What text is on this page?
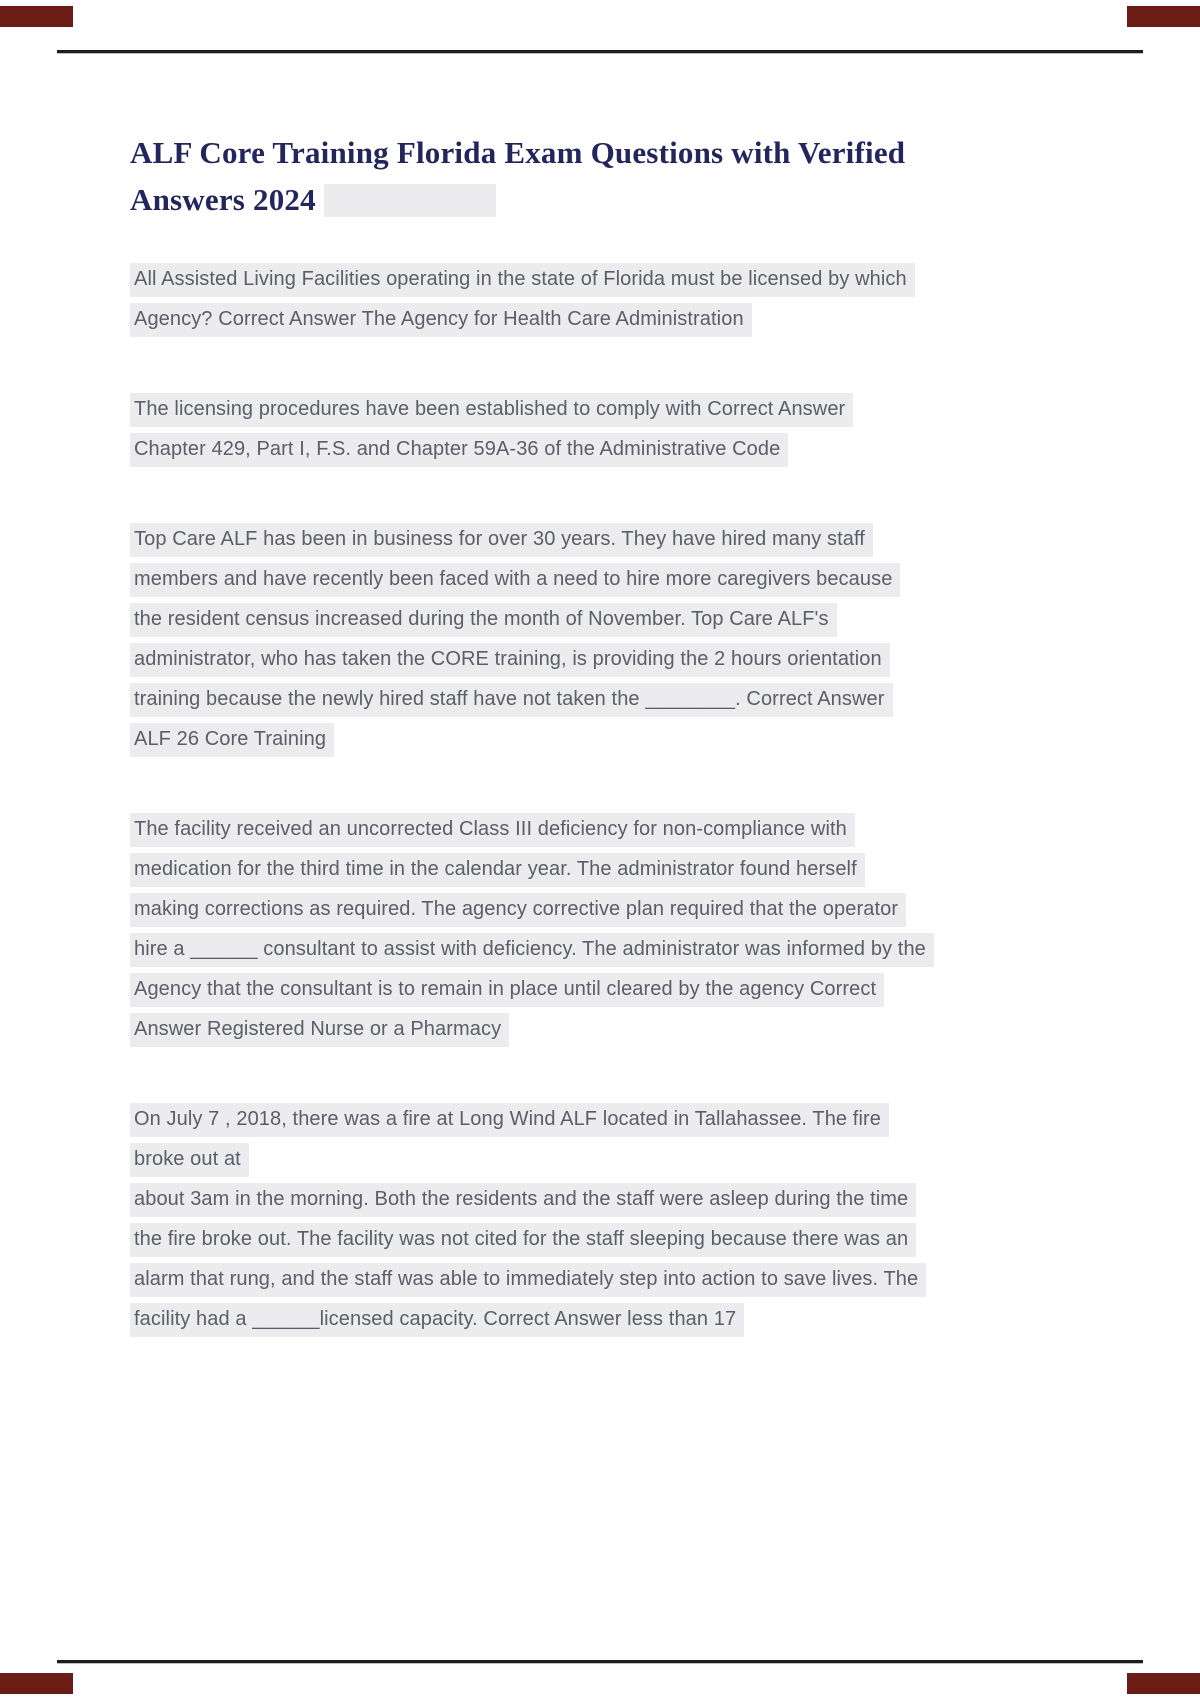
ALF Core Training Florida Exam Questions with Verified
Answers 2024
All Assisted Living Facilities operating in the state of Florida must be licensed by which
Agency? Correct Answer The Agency for Health Care Administration
The licensing procedures have been established to comply with Correct Answer
Chapter 429, Part I, F.S. and Chapter 59A-36 of the Administrative Code
Top Care ALF has been in business for over 30 years. They have hired many staff
members and have recently been faced with a need to hire more caregivers because
the resident census increased during the month of November. Top Care ALF's
administrator, who has taken the CORE training, is providing the 2 hours orientation
training because the newly hired staff have not taken the ________. Correct Answer
ALF 26 Core Training
The facility received an uncorrected Class III deficiency for non-compliance with
medication for the third time in the calendar year. The administrator found herself
making corrections as required. The agency corrective plan required that the operator
hire a ______ consultant to assist with deficiency. The administrator was informed by the
Agency that the consultant is to remain in place until cleared by the agency Correct
Answer Registered Nurse or a Pharmacy
On July 7 , 2018, there was a fire at Long Wind ALF located in Tallahassee. The fire
broke out at
about 3am in the morning. Both the residents and the staff were asleep during the time
the fire broke out. The facility was not cited for the staff sleeping because there was an
alarm that rung, and the staff was able to immediately step into action to save lives. The
facility had a ______licensed capacity. Correct Answer less than 17
